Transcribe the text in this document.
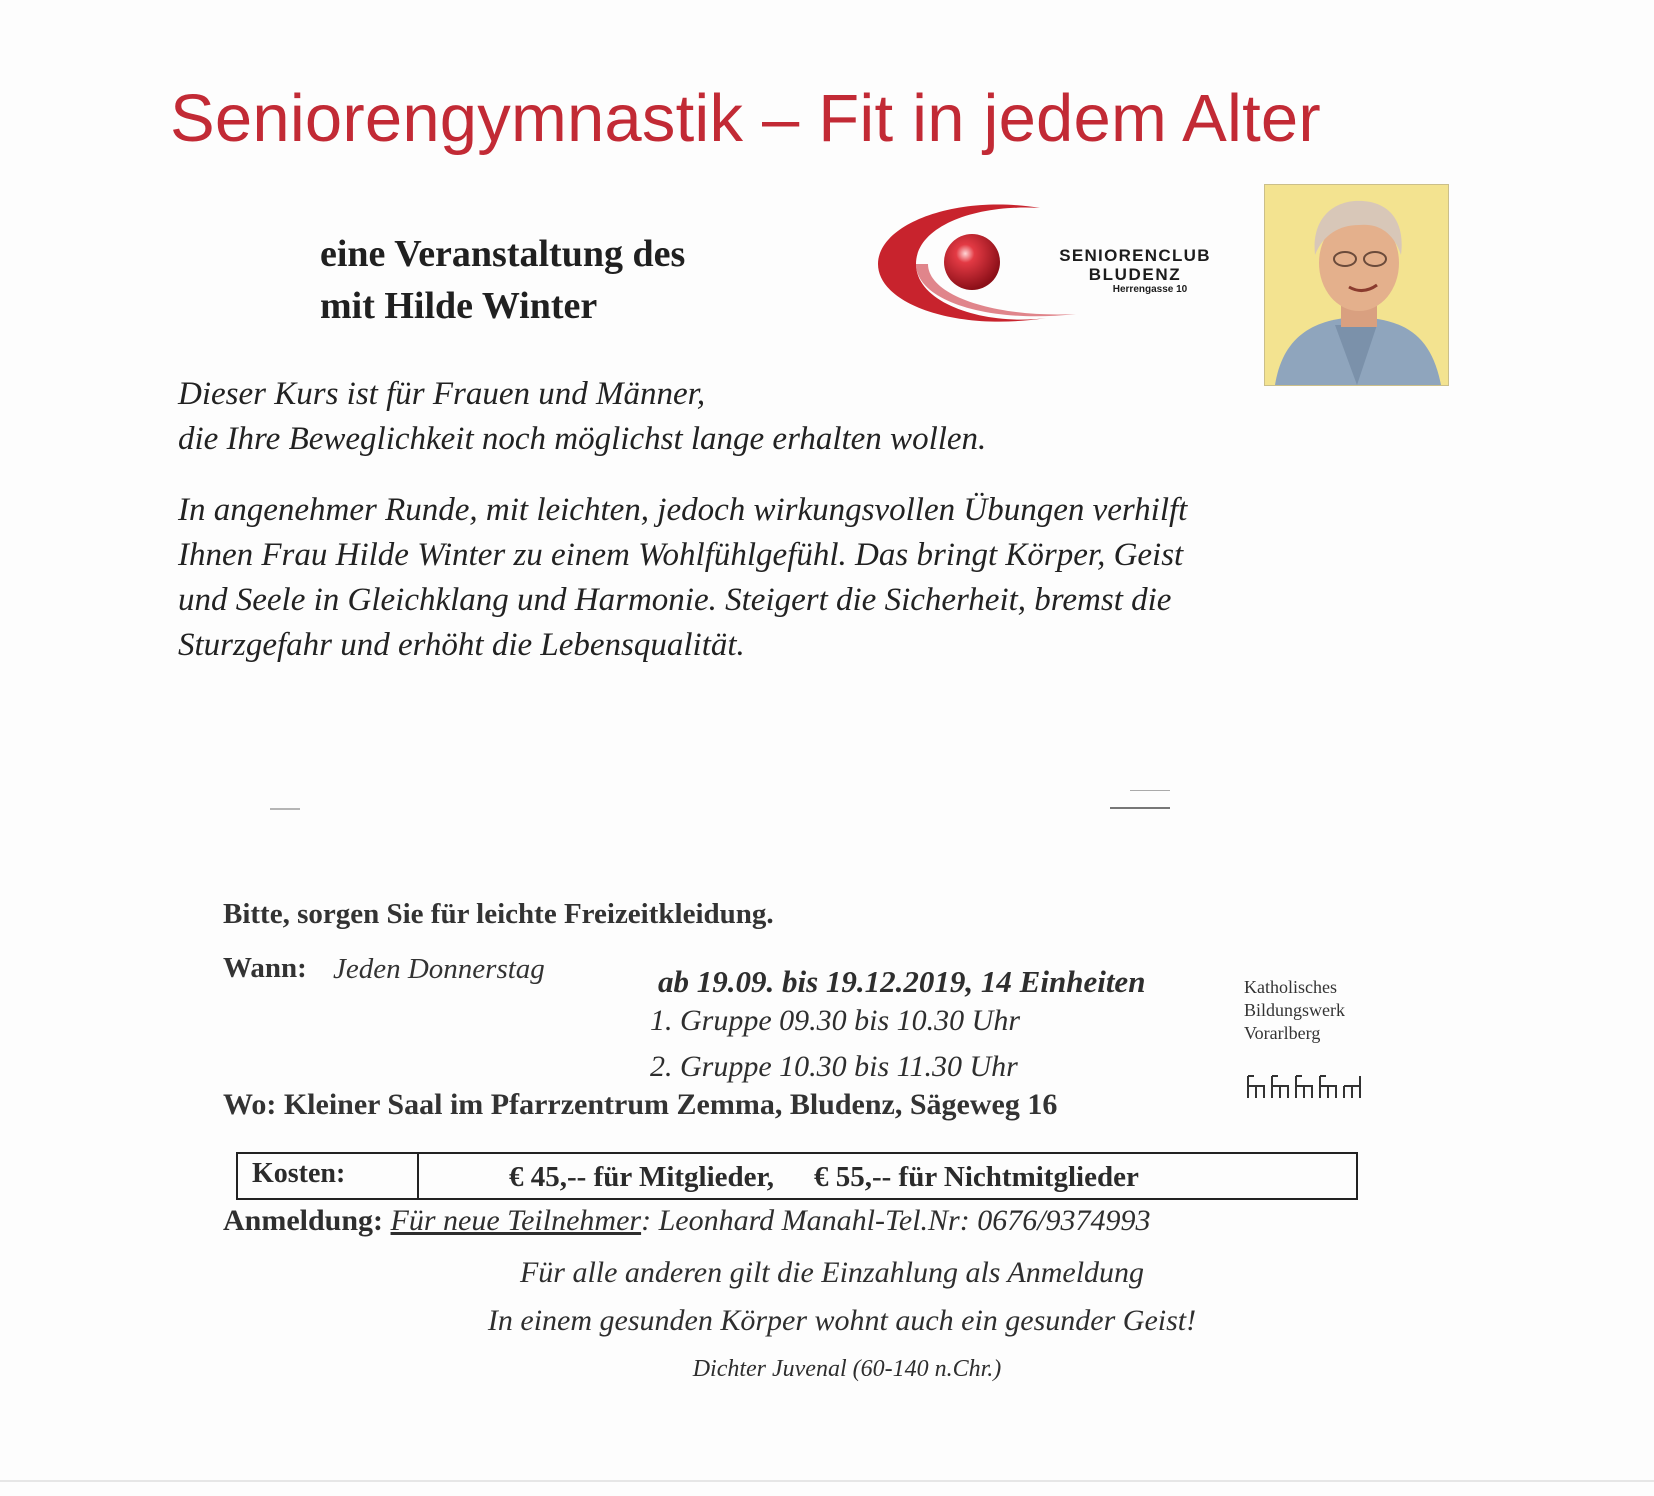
Seniorengymnastik – Fit in jedem Alter
eine Veranstaltung des
mit Hilde Winter
SENIORENCLUB
BLUDENZ
Herrengasse 10
Dieser Kurs ist für Frauen und Männer,
die Ihre Beweglichkeit noch möglichst lange erhalten wollen.
In angenehmer Runde, mit leichten, jedoch wirkungsvollen Übungen verhilft
Ihnen Frau Hilde Winter zu einem Wohlfühlgefühl. Das bringt Körper, Geist
und Seele in Gleichklang und Harmonie. Steigert die Sicherheit, bremst die
Sturzgefahr und erhöht die Lebensqualität.
Bitte, sorgen Sie für leichte Freizeitkleidung.
Wann: Jeden Donnerstag	ab 19.09. bis 19.12.2019, 14 Einheiten
1. Gruppe 09.30 bis 10.30 Uhr
2. Gruppe 10.30 bis 11.30 Uhr
Wo: Kleiner Saal im Pfarrzentrum Zemma, Bludenz, Sägeweg 16
Katholisches
Bildungswerk
Vorarlberg
Kosten:	€ 45,-- für Mitglieder, € 55,-- für Nichtmitglieder
Anmeldung: Für neue Teilnehmer: Leonhard Manahl-Tel.Nr: 0676/9374993
Für alle anderen gilt die Einzahlung als Anmeldung
In einem gesunden Körper wohnt auch ein gesunder Geist!
Dichter Juvenal (60-140 n.Chr.)
